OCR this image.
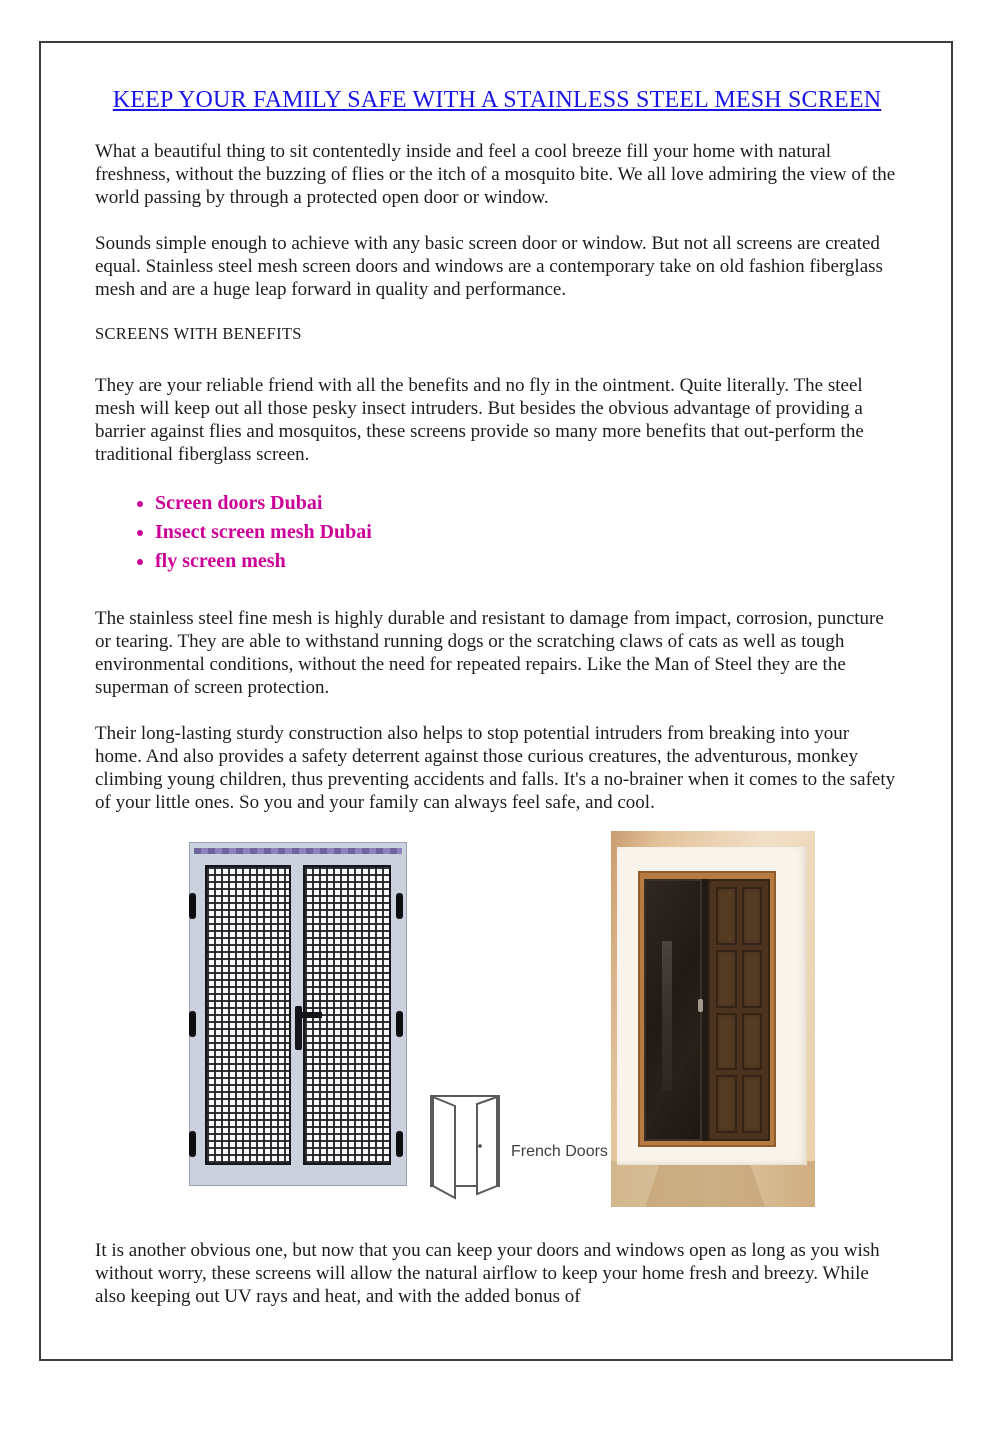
KEEP YOUR FAMILY SAFE WITH A STAINLESS STEEL MESH SCREEN

What a beautiful thing to sit contentedly inside and feel a cool breeze fill your home with natural freshness, without the buzzing of flies or the itch of a mosquito bite. We all love admiring the view of the world passing by through a protected open door or window.

Sounds simple enough to achieve with any basic screen door or window. But not all screens are created equal. Stainless steel mesh screen doors and windows are a contemporary take on old fashion fiberglass mesh and are a huge leap forward in quality and performance.

SCREENS WITH BENEFITS

They are your reliable friend with all the benefits and no fly in the ointment. Quite literally. The steel mesh will keep out all those pesky insect intruders. But besides the obvious advantage of providing a barrier against flies and mosquitos, these screens provide so many more benefits that out-perform the traditional fiberglass screen.

• Screen doors Dubai
• Insect screen mesh Dubai
• fly screen mesh

The stainless steel fine mesh is highly durable and resistant to damage from impact, corrosion, puncture or tearing. They are able to withstand running dogs or the scratching claws of cats as well as tough environmental conditions, without the need for repeated repairs. Like the Man of Steel they are the superman of screen protection.

Their long-lasting sturdy construction also helps to stop potential intruders from breaking into your home. And also provides a safety deterrent against those curious creatures, the adventurous, monkey climbing young children, thus preventing accidents and falls. It's a no-brainer when it comes to the safety of your little ones. So you and your family can always feel safe, and cool.

French Doors

It is another obvious one, but now that you can keep your doors and windows open as long as you wish without worry, these screens will allow the natural airflow to keep your home fresh and breezy. While also keeping out UV rays and heat, and with the added bonus of
